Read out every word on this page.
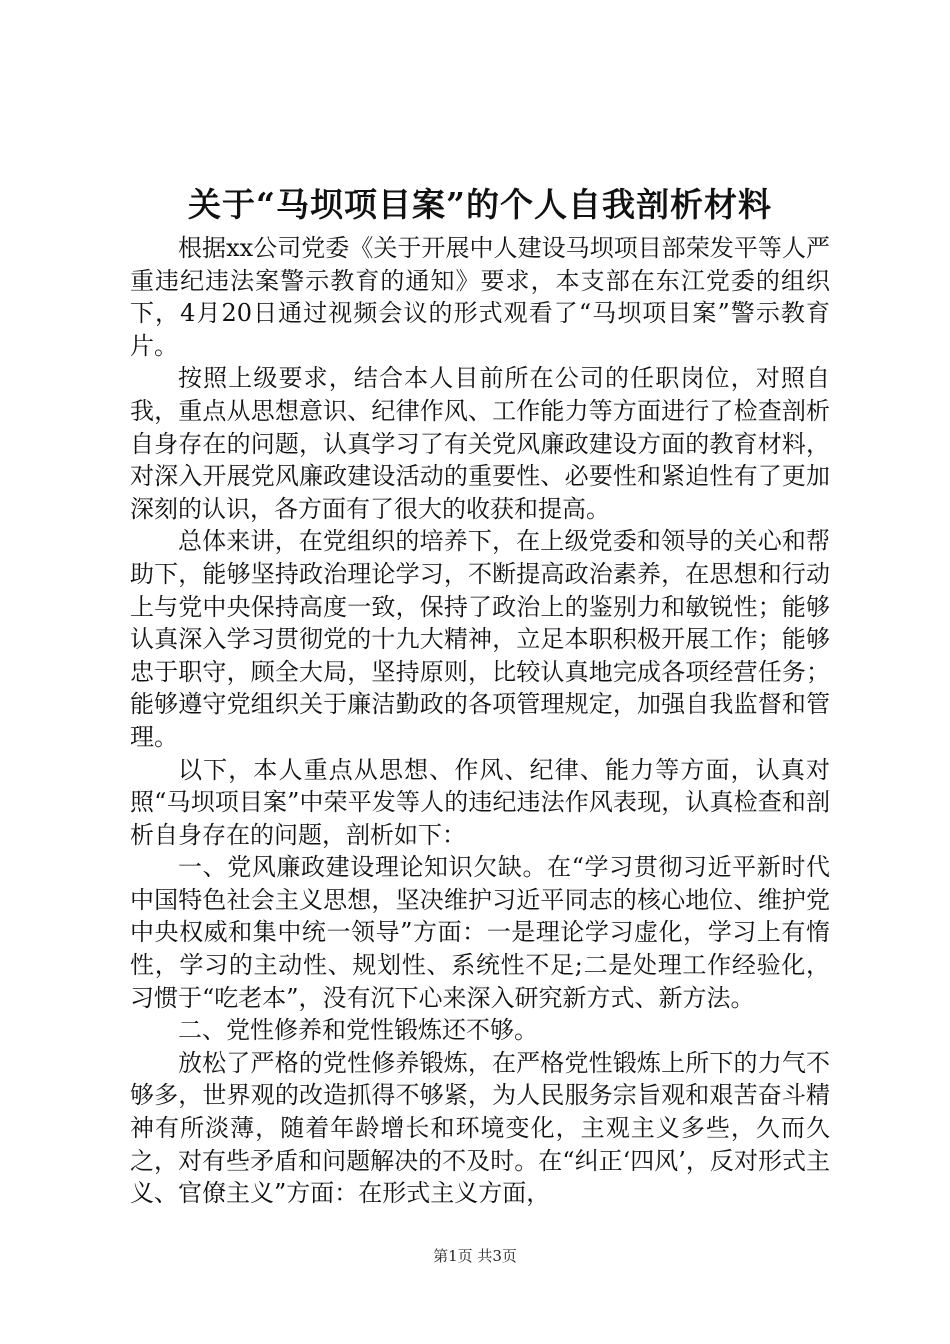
关于“马坝项目案”的个人自我剖析材料

根据xx公司党委《关于开展中人建设马坝项目部荣发平等人严重违纪违法案警示教育的通知》要求，本支部在东江党委的组织下，4月20日通过视频会议的形式观看了“马坝项目案”警示教育片。

按照上级要求，结合本人目前所在公司的任职岗位，对照自我，重点从思想意识、纪律作风、工作能力等方面进行了检查剖析自身存在的问题，认真学习了有关党风廉政建设方面的教育材料，对深入开展党风廉政建设活动的重要性、必要性和紧迫性有了更加深刻的认识，各方面有了很大的收获和提高。

总体来讲，在党组织的培养下，在上级党委和领导的关心和帮助下，能够坚持政治理论学习，不断提高政治素养，在思想和行动上与党中央保持高度一致，保持了政治上的鉴别力和敏锐性；能够认真深入学习贯彻党的十九大精神，立足本职积极开展工作；能够忠于职守，顾全大局，坚持原则，比较认真地完成各项经营任务；能够遵守党组织关于廉洁勤政的各项管理规定，加强自我监督和管理。

以下，本人重点从思想、作风、纪律、能力等方面，认真对照“马坝项目案”中荣平发等人的违纪违法作风表现，认真检查和剖析自身存在的问题，剖析如下：

一、党风廉政建设理论知识欠缺。在“学习贯彻习近平新时代中国特色社会主义思想，坚决维护习近平同志的核心地位、维护党中央权威和集中统一领导”方面：一是理论学习虚化，学习上有惰性，学习的主动性、规划性、系统性不足;二是处理工作经验化，习惯于“吃老本”，没有沉下心来深入研究新方式、新方法。

二、党性修养和党性锻炼还不够。

放松了严格的党性修养锻炼，在严格党性锻炼上所下的力气不够多，世界观的改造抓得不够紧，为人民服务宗旨观和艰苦奋斗精神有所淡薄，随着年龄增长和环境变化，主观主义多些，久而久之，对有些矛盾和问题解决的不及时。在“纠正‘四风’，反对形式主义、官僚主义”方面：在形式主义方面，

第1页 共3页
